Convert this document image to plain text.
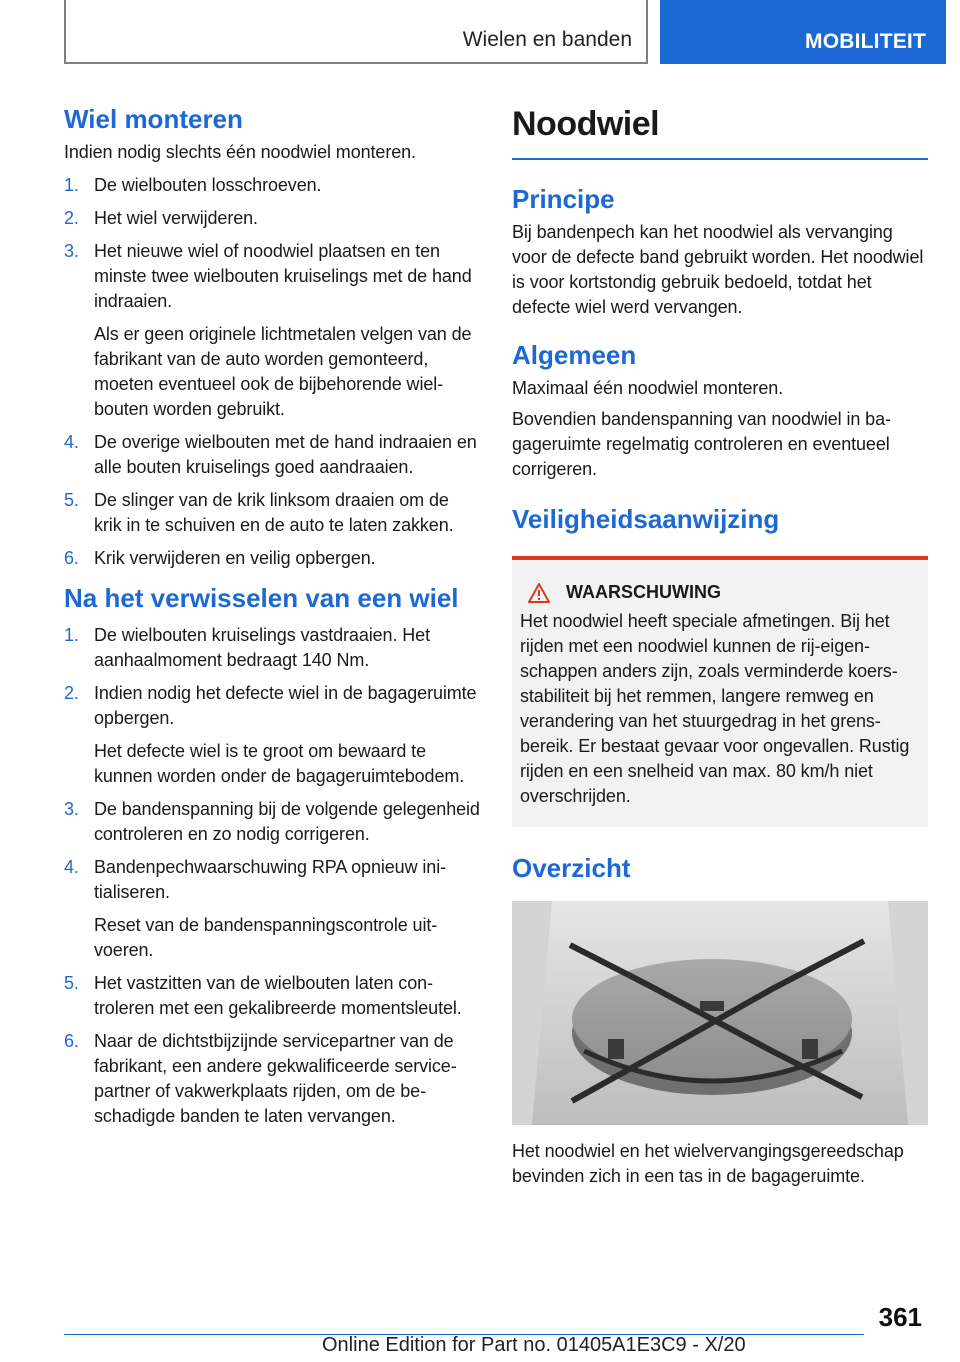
Wielen en banden	MOBILITEIT
Wiel monteren

Indien nodig slechts één noodwiel monteren.

1. De wielbouten losschroeven.

2. Het wiel verwijderen.

3. Het nieuwe wiel of noodwiel plaatsen en ten minste twee wielbouten kruiselings met de hand indraaien.

Als er geen originele lichtmetalen velgen van de fabrikant van de auto worden gemonteerd, moeten eventueel ook de bijbehorende wielbouten worden gebruikt.

4. De overige wielbouten met de hand indraaien en alle bouten kruiselings goed aandraaien.

5. De slinger van de krik linksom draaien om de krik in te schuiven en de auto te laten zakken.

6. Krik verwijderen en veilig opbergen.

Na het verwisselen van een wiel
1. De wielbouten kruiselings vastdraaien. Het aanhaalmoment bedraagt 140 Nm.

2. Indien nodig het defecte wiel in de bagageruimte opbergen.

Het defecte wiel is te groot om bewaard te kunnen worden onder de bagageruimtebodem.

3. De bandenspanning bij de volgende gelegenheid controleren en zo nodig corrigeren.

4. Bandenpechwaarschuwing RPA opnieuw initialiseren.

Reset van de bandenspanningscontrole uitvoeren.

5. Het vastzitten van de wielbouten laten controleren met een gekalibreerde momentsleutel.

6. Naar de dichtstbijzijnde servicepartner van de fabrikant, een andere gekwalificeerde servicepartner of vakwerkplaats rijden, om de beschadigde banden te laten vervangen.

Noodwiel
Principe

Bij bandenpech kan het noodwiel als vervanging voor de defecte band gebruikt worden. Het noodwiel is voor kortstondig gebruik bedoeld, totdat het defecte wiel werd vervangen.

Algemeen

Maximaal één noodwiel monteren.

Bovendien bandenspanning van noodwiel in bagageruimte regelmatig controleren en eventueel corrigeren.

Veiligheidsaanwijzing
WAARSCHUWING

Het noodwiel heeft speciale afmetingen. Bij het rijden met een noodwiel kunnen de rij-eigenschappen anders zijn, zoals verminderde koersstabiliteit bij het remmen, langere remweg en verandering van het stuurgedrag in het grensbereik. Er bestaat gevaar voor ongevallen. Rustig rijden en een snelheid van max. 80 km/h niet overschrijden.

Overzicht

Het noodwiel en het wielvervangingsgereedschap bevinden zich in een tas in de bagageruimte.

361
Online Edition for Part no. 01405A1E3C9 - X/20
